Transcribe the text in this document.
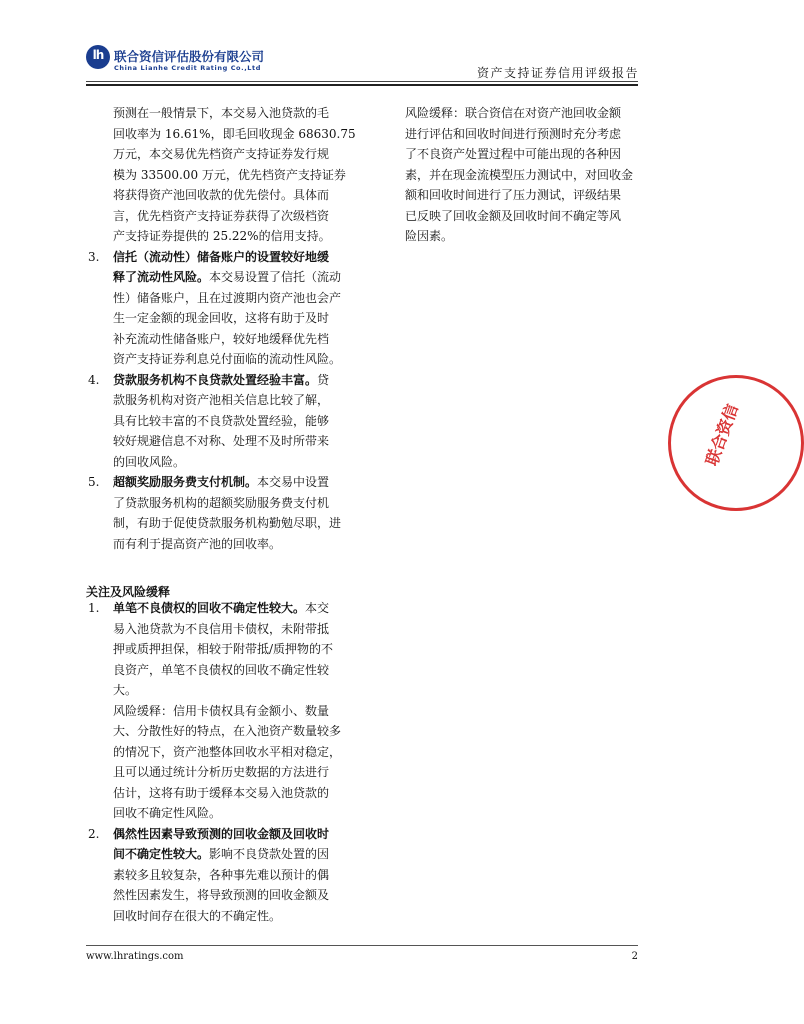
lh 联合资信评估股份有限公司
China Lianhe Credit Rating Co.,Ltd	资产支持证券信用评级报告
预测在一般情景下，本交易入池贷款的毛
回收率为 16.61%，即毛回收现金 68630.75
万元，本交易优先档资产支持证券发行规
模为 33500.00 万元，优先档资产支持证券
将获得资产池回收款的优先偿付。具体而
言，优先档资产支持证券获得了次级档资
产支持证券提供的 25.22%的信用支持。
3. 信托（流动性）储备账户的设置较好地缓
释了流动性风险。本交易设置了信托（流动
性）储备账户，且在过渡期内资产池也会产
生一定金额的现金回收，这将有助于及时
补充流动性储备账户，较好地缓释优先档
资产支持证券利息兑付面临的流动性风险。
4. 贷款服务机构不良贷款处置经验丰富。贷
款服务机构对资产池相关信息比较了解，
具有比较丰富的不良贷款处置经验，能够
较好规避信息不对称、处理不及时所带来
的回收风险。
5. 超额奖励服务费支付机制。本交易中设置
了贷款服务机构的超额奖励服务费支付机
制，有助于促使贷款服务机构勤勉尽职，进
而有利于提高资产池的回收率。
关注及风险缓释
1. 单笔不良债权的回收不确定性较大。本交
易入池贷款为不良信用卡债权，未附带抵
押或质押担保，相较于附带抵/质押物的不
良资产，单笔不良债权的回收不确定性较
大。
风险缓释：信用卡债权具有金额小、数量
大、分散性好的特点，在入池资产数量较多
的情况下，资产池整体回收水平相对稳定，
且可以通过统计分析历史数据的方法进行
估计，这将有助于缓释本交易入池贷款的
回收不确定性风险。
2. 偶然性因素导致预测的回收金额及回收时
间不确定性较大。影响不良贷款处置的因
素较多且较复杂，各种事先难以预计的偶
然性因素发生，将导致预测的回收金额及
回收时间存在很大的不确定性。
风险缓释：联合资信在对资产池回收金额
进行评估和回收时间进行预测时充分考虑
了不良资产处置过程中可能出现的各种因
素，并在现金流模型压力测试中，对回收金
额和回收时间进行了压力测试，评级结果
已反映了回收金额及回收时间不确定等风
险因素。
联合资信
www.lhratings.com	2
